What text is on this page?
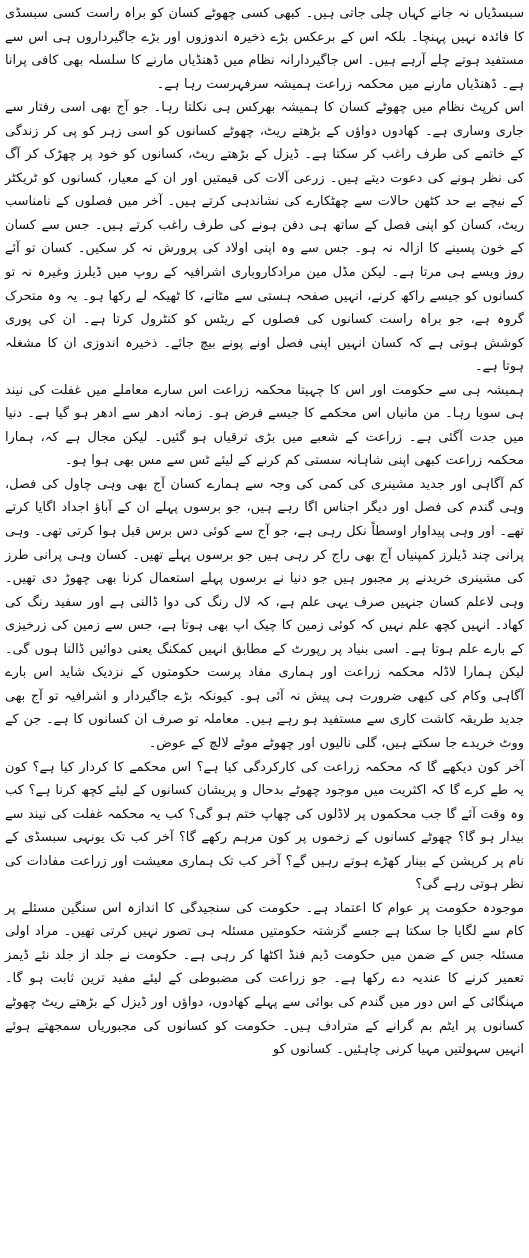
سبسڈیاں نہ جانے کہاں چلی جاتی ہیں۔ کبھی کسی چھوٹے کسان کو براہ راست کسی سبسڈی کا فائدہ نہیں پہنچا۔ بلکہ اس کے برعکس بڑے ذخیرہ اندوزوں اور بڑے جاگیرداروں ہی اس سے مستفید ہوتے چلے آرہے ہیں۔ اس جاگیردارانہ نظام میں ڈھنڈیاں مارنے کا سلسلہ بھی کافی پرانا ہے۔ ڈھنڈیاں مارنے میں محکمہ زراعت ہمیشہ سرفہرست رہا ہے۔

اس کرپٹ نظام میں چھوٹے کسان کا ہمیشہ بھرکس ہی نکلتا رہا۔ جو آج بھی اسی رفتار سے جاری وساری ہے۔ کھادوں دواؤں کے بڑھتے ریٹ، چھوٹے کسانوں کو اسی زہر کو پی کر زندگی کے خاتمے کی طرف راغب کر سکتا ہے۔ ڈیزل کے بڑھتے ریٹ، کسانوں کو خود پر چھڑک کر آگ کی نظر ہونے کی دعوت دیتے ہیں۔ زرعی آلات کی قیمتیں اور ان کے معیار، کسانوں کو ٹریکٹر کے نیچے بے حد کٹھن حالات سے چھٹکارے کی نشاندہی کرتے ہیں۔ آخر میں فصلوں کے نامناسب ریٹ، کسان کو اپنی فصل کے ساتھ ہی دفن ہونے کی طرف راغب کرتے ہیں۔ جس سے کسان کے خون پسینے کا ازالہ نہ ہو۔ جس سے وہ اپنی اولاد کی پرورش نہ کر سکیں۔ کسان تو آئے روز ویسے ہی مرتا ہے۔ لیکن مڈل مین مرادکاروباری اشرافیہ کے روپ میں ڈیلرز وغیرہ نہ تو کسانوں کو جیسے راکھ کرنے، انہیں صفحہ ہستی سے مٹانے، کا ٹھیکہ لے رکھا ہو۔ یہ وہ متحرک گروہ ہے، جو براہ راست کسانوں کی فصلوں کے ریٹس کو کنٹرول کرتا ہے۔ ان کی پوری کوشش ہوتی ہے کہ کسان انہیں اپنی فصل اونے پونے بیچ جائے۔ ذخیرہ اندوزی ان کا مشغلہ ہوتا ہے۔

ہمیشہ ہی سے حکومت اور اس کا چہیتا محکمہ زراعت اس سارے معاملے میں غفلت کی نیند ہی سویا رہا۔ من مانیاں اس محکمے کا جیسے فرض ہو۔ زمانہ ادھر سے ادھر ہو گیا ہے۔ دنیا میں جدت آگئی ہے۔ زراعت کے شعبے میں بڑی ترقیاں ہو گئیں۔ لیکن مجال ہے کہ، ہمارا محکمہ زراعت کبھی اپنی شاہانہ سستی کم کرنے کے لیئے ٹس سے مس بھی ہوا ہو۔

کم آگاہی اور جدید مشینری کی کمی کی وجہ سے ہمارے کسان آج بھی وہی چاول کی فصل، وہی گندم کی فصل اور دیگر اجناس اگا رہے ہیں، جو برسوں پہلے ان کے آباؤ اجداد اگایا کرتے تھے۔ اور وہی پیداوار اوسطاً نکل رہی ہے، جو آج سے کوئی دس برس قبل ہوا کرتی تھی۔ وہی پرانی چند ڈیلرز کمپنیاں آج بھی راج کر رہی ہیں جو برسوں پہلے تھیں۔ کسان وہی پرانی طرز کی مشینری خریدنے پر مجبور ہیں جو دنیا نے برسوں پہلے استعمال کرنا بھی چھوڑ دی تھیں۔ وہی لاعلم کسان جنہیں صرف یہی علم ہے، کہ لال رنگ کی دوا ڈالنی ہے اور سفید رنگ کی کھاد۔ انہیں کچھ علم نہیں کہ کوئی زمین کا چیک اپ بھی ہوتا ہے، جس سے زمین کی زرخیزی کے بارے علم ہوتا ہے۔ اسی بنیاد پر رپورٹ کے مطابق انہیں کمکنگ یعنی دوائیں ڈالنا ہوں گی۔ لیکن ہمارا لاڈلہ محکمہ زراعت اور ہماری مفاد پرست حکومتوں کے نزدیک شاید اس بارے آگاہی وکام کی کبھی ضرورت ہی پیش نہ آئی ہو۔ کیونکہ بڑے جاگیردار و اشرافیہ تو آج بھی جدید طریقہ کاشت کاری سے مستفید ہو رہے ہیں۔ معاملہ تو صرف ان کسانوں کا ہے۔ جن کے ووٹ خریدے جا سکتے ہیں، گلی نالیوں اور چھوٹے موٹے لالچ کے عوض۔

آخر کون دیکھے گا کہ محکمہ زراعت کی کارکردگی کیا ہے؟ اس محکمے کا کردار کیا ہے؟ کون یہ طے کرے گا کہ اکثریت میں موجود چھوٹے بدحال و پریشان کسانوں کے لیئے کچھ کرنا ہے؟ کب وہ وقت آئے گا جب محکموں پر لاڈلوں کی چھاپ ختم ہو گی؟ کب یہ محکمہ غفلت کی نیند سے بیدار ہو گا؟ چھوٹے کسانوں کے زخموں پر کون مرہم رکھے گا؟ آخر کب تک یونہی سبسڈی کے نام پر کرپشن کے بینار کھڑے ہوتے رہیں گے؟ آخر کب تک ہماری معیشت اور زراعت مفادات کی نظر ہوتی رہے گی؟

موجودہ حکومت پر عوام کا اعتماد ہے۔ حکومت کی سنجیدگی کا اندازہ اس سنگین مسئلے پر کام سے لگایا جا سکتا ہے جسے گزشتہ حکومتیں مسئلہ ہی تصور نہیں کرتی تھیں۔ مراد اولی مسئلہ جس کے ضمن میں حکومت ڈیم فنڈ اکٹھا کر رہی ہے۔ حکومت نے جلد از جلد نئے ڈیمز تعمیر کرنے کا عندیہ دے رکھا ہے۔ جو زراعت کی مضبوطی کے لیئے مفید ترین ثابت ہو گا۔ مہنگائی کے اس دور میں گندم کی بوائی سے پہلے کھادوں، دواؤں اور ڈیزل کے بڑھتے ریٹ چھوٹے کسانوں پر ایٹم بم گرانے کے مترادف ہیں۔ حکومت کو کسانوں کی مجبوریاں سمجھتے ہوئے انہیں سہولتیں مہیا کرنی چاہئیں۔ کسانوں کو
